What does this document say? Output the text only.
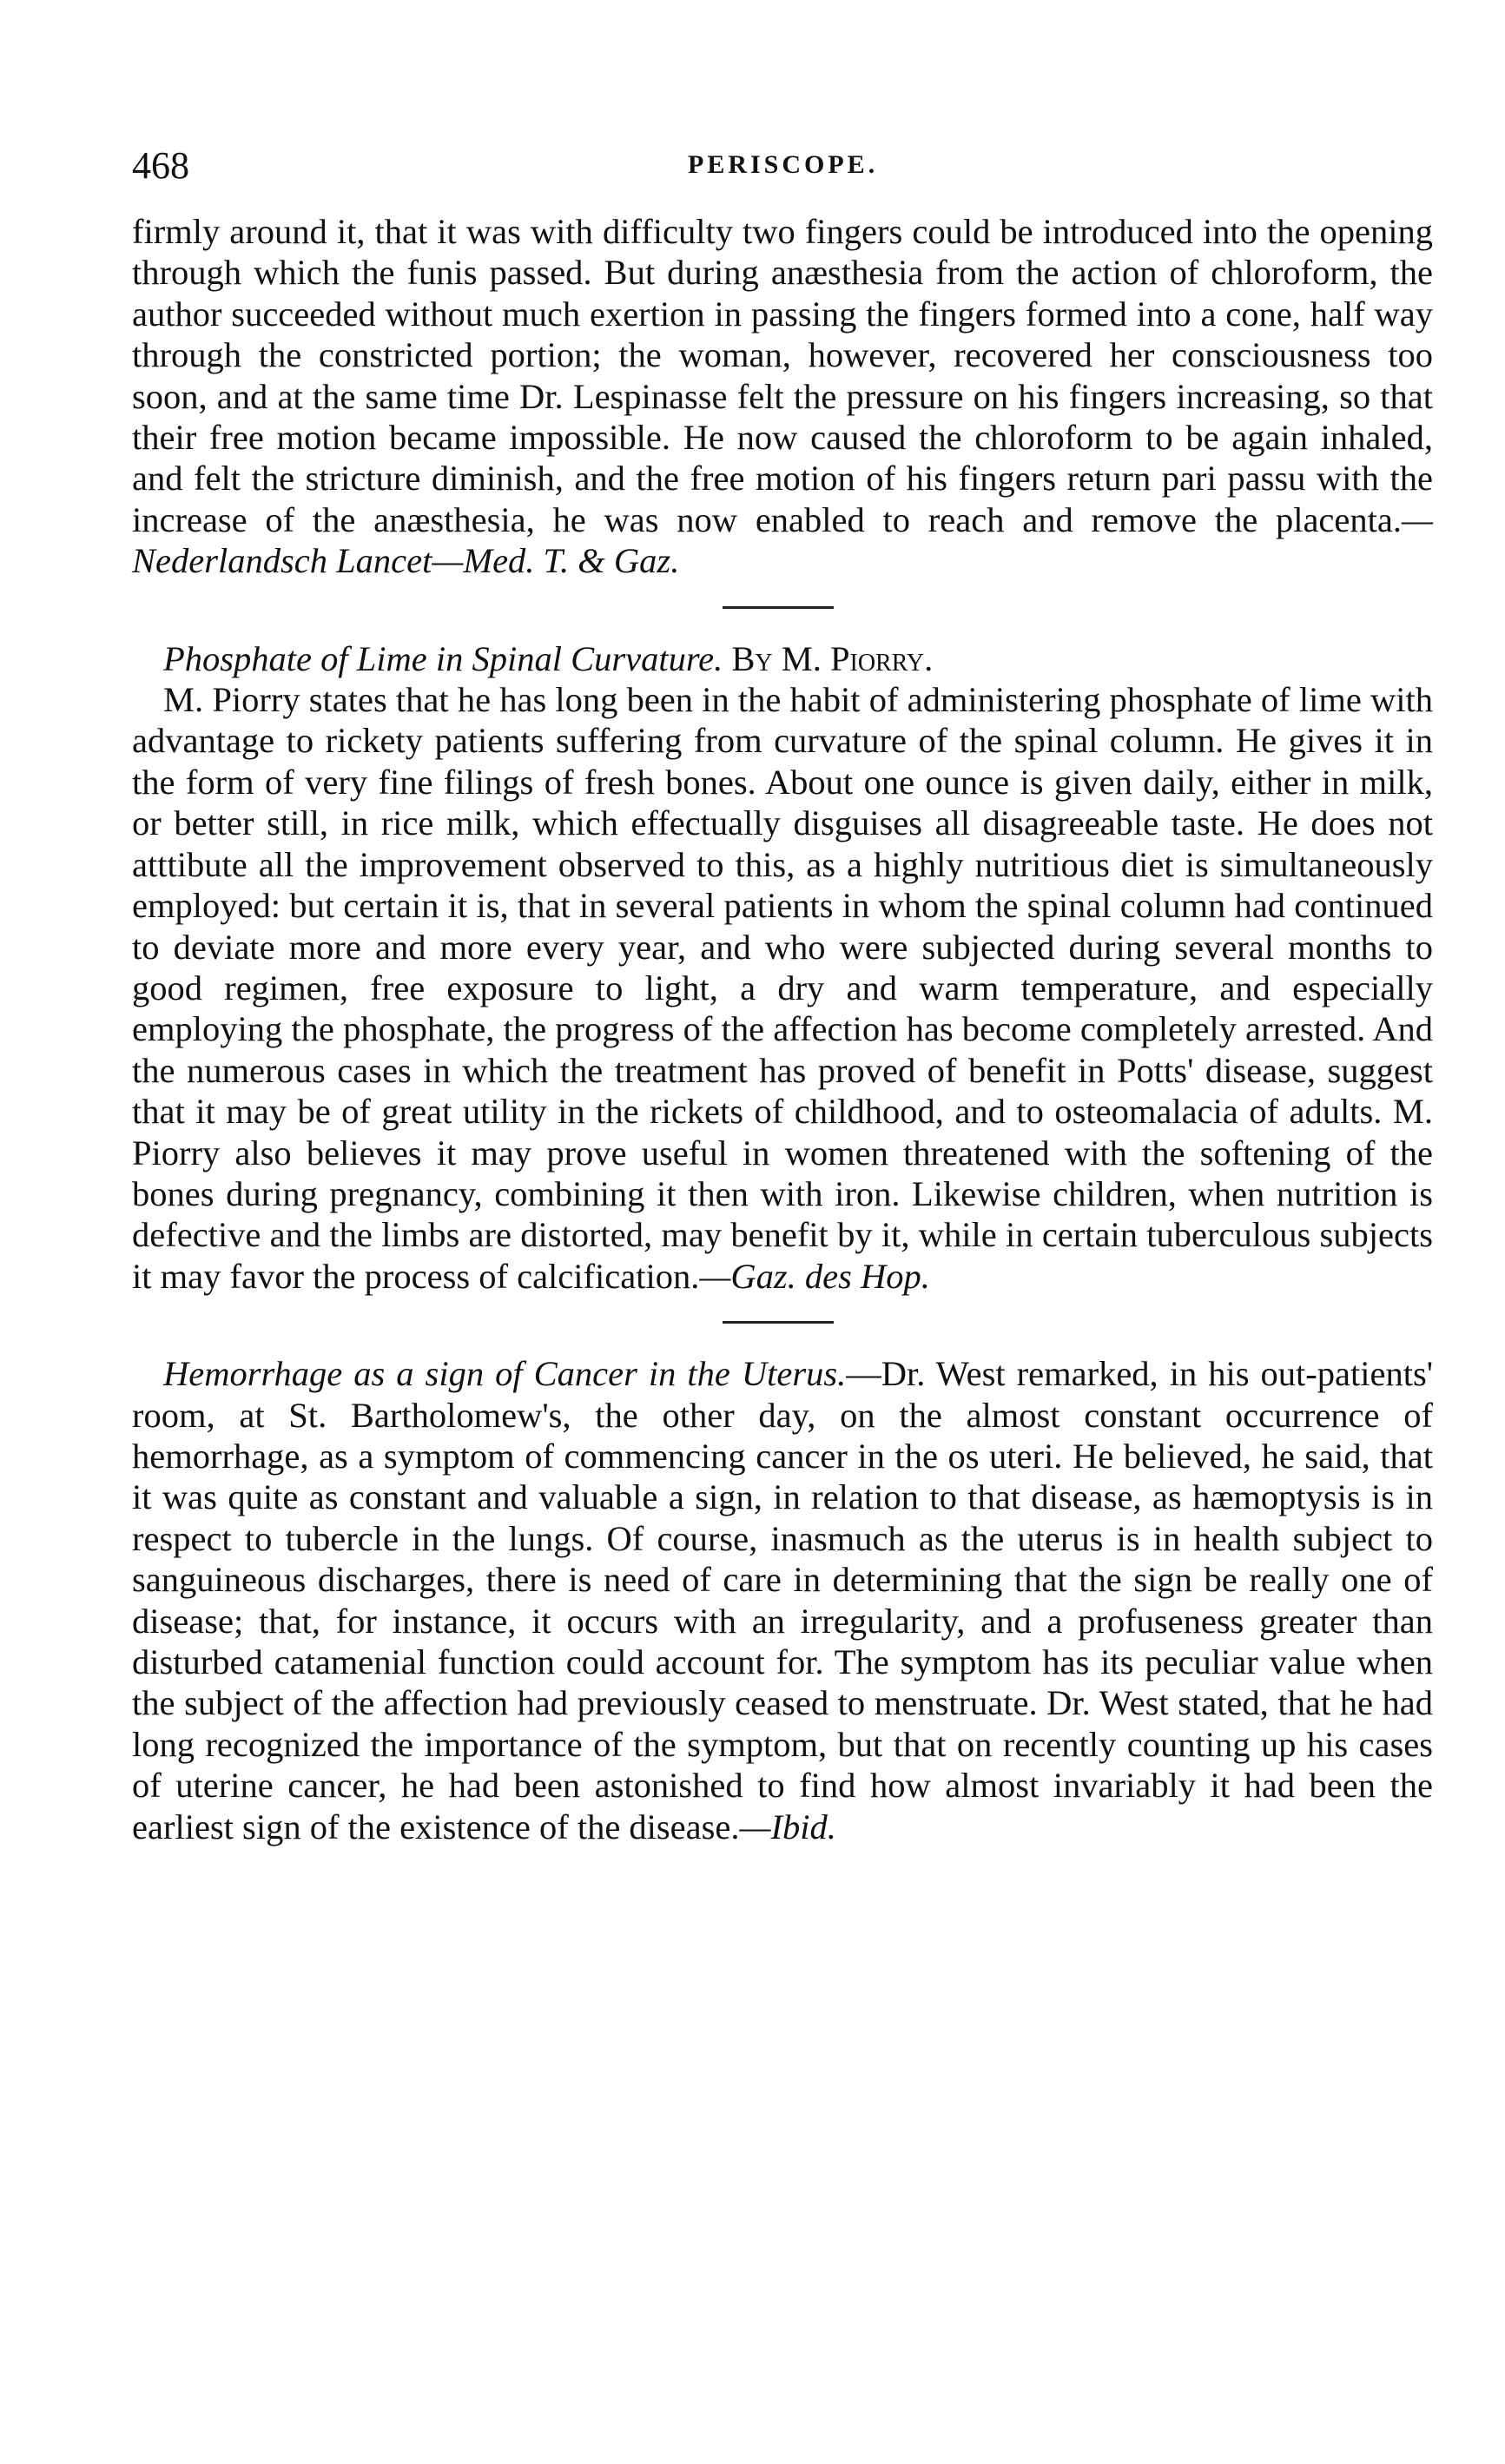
468	PERISCOPE.

firmly around it, that it was with difficulty two fingers could be introduced into the opening through which the funis passed. But during anæsthesia from the action of chloroform, the author succeeded without much exertion in passing the fingers formed into a cone, half way through the constricted portion; the woman, however, recovered her consciousness too soon, and at the same time Dr. Lespinasse felt the pressure on his fingers increasing, so that their free motion became impossible. He now caused the chloroform to be again inhaled, and felt the stricture diminish, and the free motion of his fingers return pari passu with the increase of the anæsthesia, he was now enabled to reach and remove the placenta.—Nederlandsch Lancet—Med. T. & Gaz.

Phosphate of Lime in Spinal Curvature. By M. Piorry.

M. Piorry states that he has long been in the habit of administering phosphate of lime with advantage to rickety patients suffering from curvature of the spinal column. He gives it in the form of very fine filings of fresh bones. About one ounce is given daily, either in milk, or better still, in rice milk, which effectually disguises all disagreeable taste. He does not atttibute all the improvement observed to this, as a highly nutritious diet is simultaneously employed: but certain it is, that in several patients in whom the spinal column had continued to deviate more and more every year, and who were subjected during several months to good regimen, free exposure to light, a dry and warm temperature, and especially employing the phosphate, the progress of the affection has become completely arrested. And the numerous cases in which the treatment has proved of benefit in Potts' disease, suggest that it may be of great utility in the rickets of childhood, and to osteomalacia of adults. M. Piorry also believes it may prove useful in women threatened with the softening of the bones during pregnancy, combining it then with iron. Likewise children, when nutrition is defective and the limbs are distorted, may benefit by it, while in certain tuberculous subjects it may favor the process of calcification.—Gaz. des Hop.

Hemorrhage as a sign of Cancer in the Uterus.—Dr. West remarked, in his out-patients' room, at St. Bartholomew's, the other day, on the almost constant occurrence of hemorrhage, as a symptom of commencing cancer in the os uteri. He believed, he said, that it was quite as constant and valuable a sign, in relation to that disease, as hæmoptysis is in respect to tubercle in the lungs. Of course, inasmuch as the uterus is in health subject to sanguineous discharges, there is need of care in determining that the sign be really one of disease; that, for instance, it occurs with an irregularity, and a profuseness greater than disturbed catamenial function could account for. The symptom has its peculiar value when the subject of the affection had previously ceased to menstruate. Dr. West stated, that he had long recognized the importance of the symptom, but that on recently counting up his cases of uterine cancer, he had been astonished to find how almost invariably it had been the earliest sign of the existence of the disease.—Ibid.
